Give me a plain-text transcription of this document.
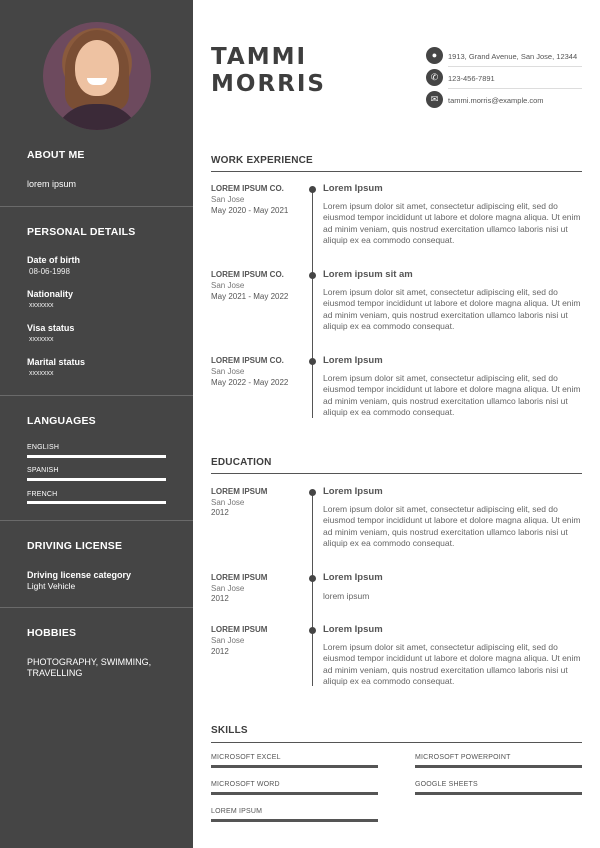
ABOUT ME
lorem ipsum
PERSONAL DETAILS
Date of birth
08-06-1998
Nationality
xxxxxxx
Visa status
xxxxxxx
Marital status
xxxxxxx
LANGUAGES
ENGLISH
SPANISH
FRENCH
DRIVING LICENSE
Driving license category
Light Vehicle
HOBBIES
PHOTOGRAPHY, SWIMMING,
TRAVELLING
TAMMI
MORRIS
●	1913, Grand Avenue, San Jose, 12344
✆	123-456-7891
✉	tammi.morris@example.com
WORK EXPERIENCE
LOREM IPSUM CO.
San Jose
May 2020 - May 2021
Lorem Ipsum
Lorem ipsum dolor sit amet, consectetur adipiscing elit, sed do eiusmod tempor incididunt ut labore et dolore magna aliqua. Ut enim ad minim veniam, quis nostrud exercitation ullamco laboris nisi ut aliquip ex ea commodo consequat.
LOREM IPSUM CO.
San Jose
May 2021 - May 2022
Lorem ipsum sit am
Lorem ipsum dolor sit amet, consectetur adipiscing elit, sed do eiusmod tempor incididunt ut labore et dolore magna aliqua. Ut enim ad minim veniam, quis nostrud exercitation ullamco laboris nisi ut aliquip ex ea commodo consequat.
LOREM IPSUM CO.
San Jose
May 2022 - May 2022
Lorem Ipsum
Lorem ipsum dolor sit amet, consectetur adipiscing elit, sed do eiusmod tempor incididunt ut labore et dolore magna aliqua. Ut enim ad minim veniam, quis nostrud exercitation ullamco laboris nisi ut aliquip ex ea commodo consequat.
EDUCATION
LOREM IPSUM
San Jose
2012
Lorem Ipsum
Lorem ipsum dolor sit amet, consectetur adipiscing elit, sed do eiusmod tempor incididunt ut labore et dolore magna aliqua. Ut enim ad minim veniam, quis nostrud exercitation ullamco laboris nisi ut aliquip ex ea commodo consequat.
LOREM IPSUM
San Jose
2012
Lorem Ipsum
lorem ipsum
LOREM IPSUM
San Jose
2012
Lorem Ipsum
Lorem ipsum dolor sit amet, consectetur adipiscing elit, sed do eiusmod tempor incididunt ut labore et dolore magna aliqua. Ut enim ad minim veniam, quis nostrud exercitation ullamco laboris nisi ut aliquip ex ea commodo consequat.
SKILLS
MICROSOFT EXCEL	MICROSOFT POWERPOINT
MICROSOFT WORD	GOOGLE SHEETS
LOREM IPSUM
